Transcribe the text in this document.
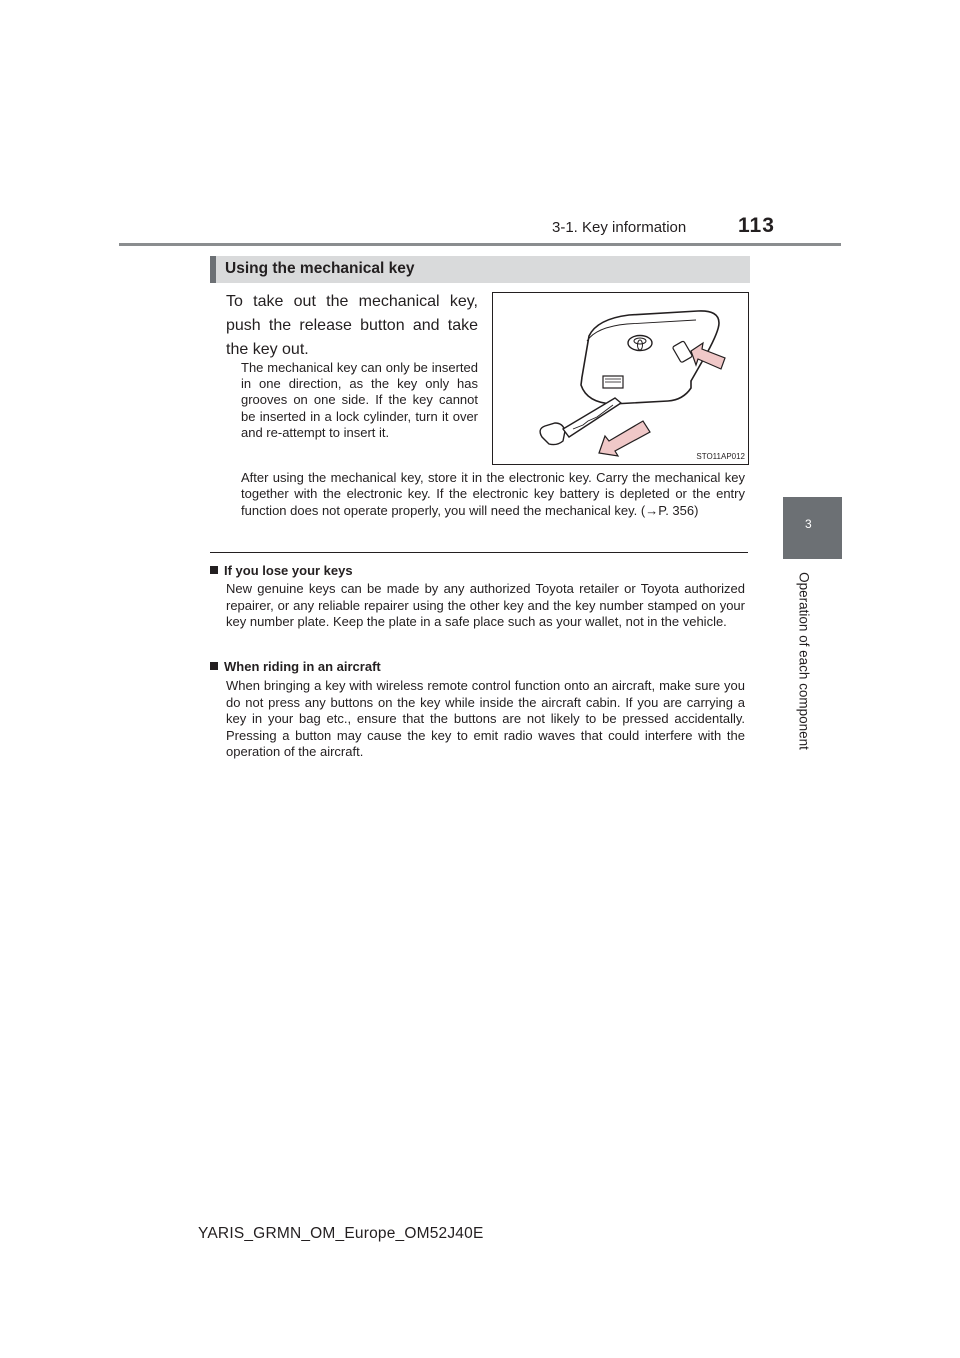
3-1. Key information 113
3
Operation of each component
Using the mechanical key
To take out the mechanical key, push the release button and take the key out.
The mechanical key can only be inserted in one direction, as the key only has grooves on one side. If the key cannot be inserted in a lock cylinder, turn it over and re-attempt to insert it.
After using the mechanical key, store it in the electronic key. Carry the mechanical key together with the electronic key. If the electronic key battery is depleted or the entry function does not operate properly, you will need the mechanical key. (→P. 356)
STO11AP012
If you lose your keys
New genuine keys can be made by any authorized Toyota retailer or Toyota authorized repairer, or any reliable repairer using the other key and the key number stamped on your key number plate. Keep the plate in a safe place such as your wallet, not in the vehicle.
When riding in an aircraft
When bringing a key with wireless remote control function onto an aircraft, make sure you do not press any buttons on the key while inside the aircraft cabin. If you are carrying a key in your bag etc., ensure that the buttons are not likely to be pressed accidentally. Pressing a button may cause the key to emit radio waves that could interfere with the operation of the aircraft.
YARIS_GRMN_OM_Europe_OM52J40E
